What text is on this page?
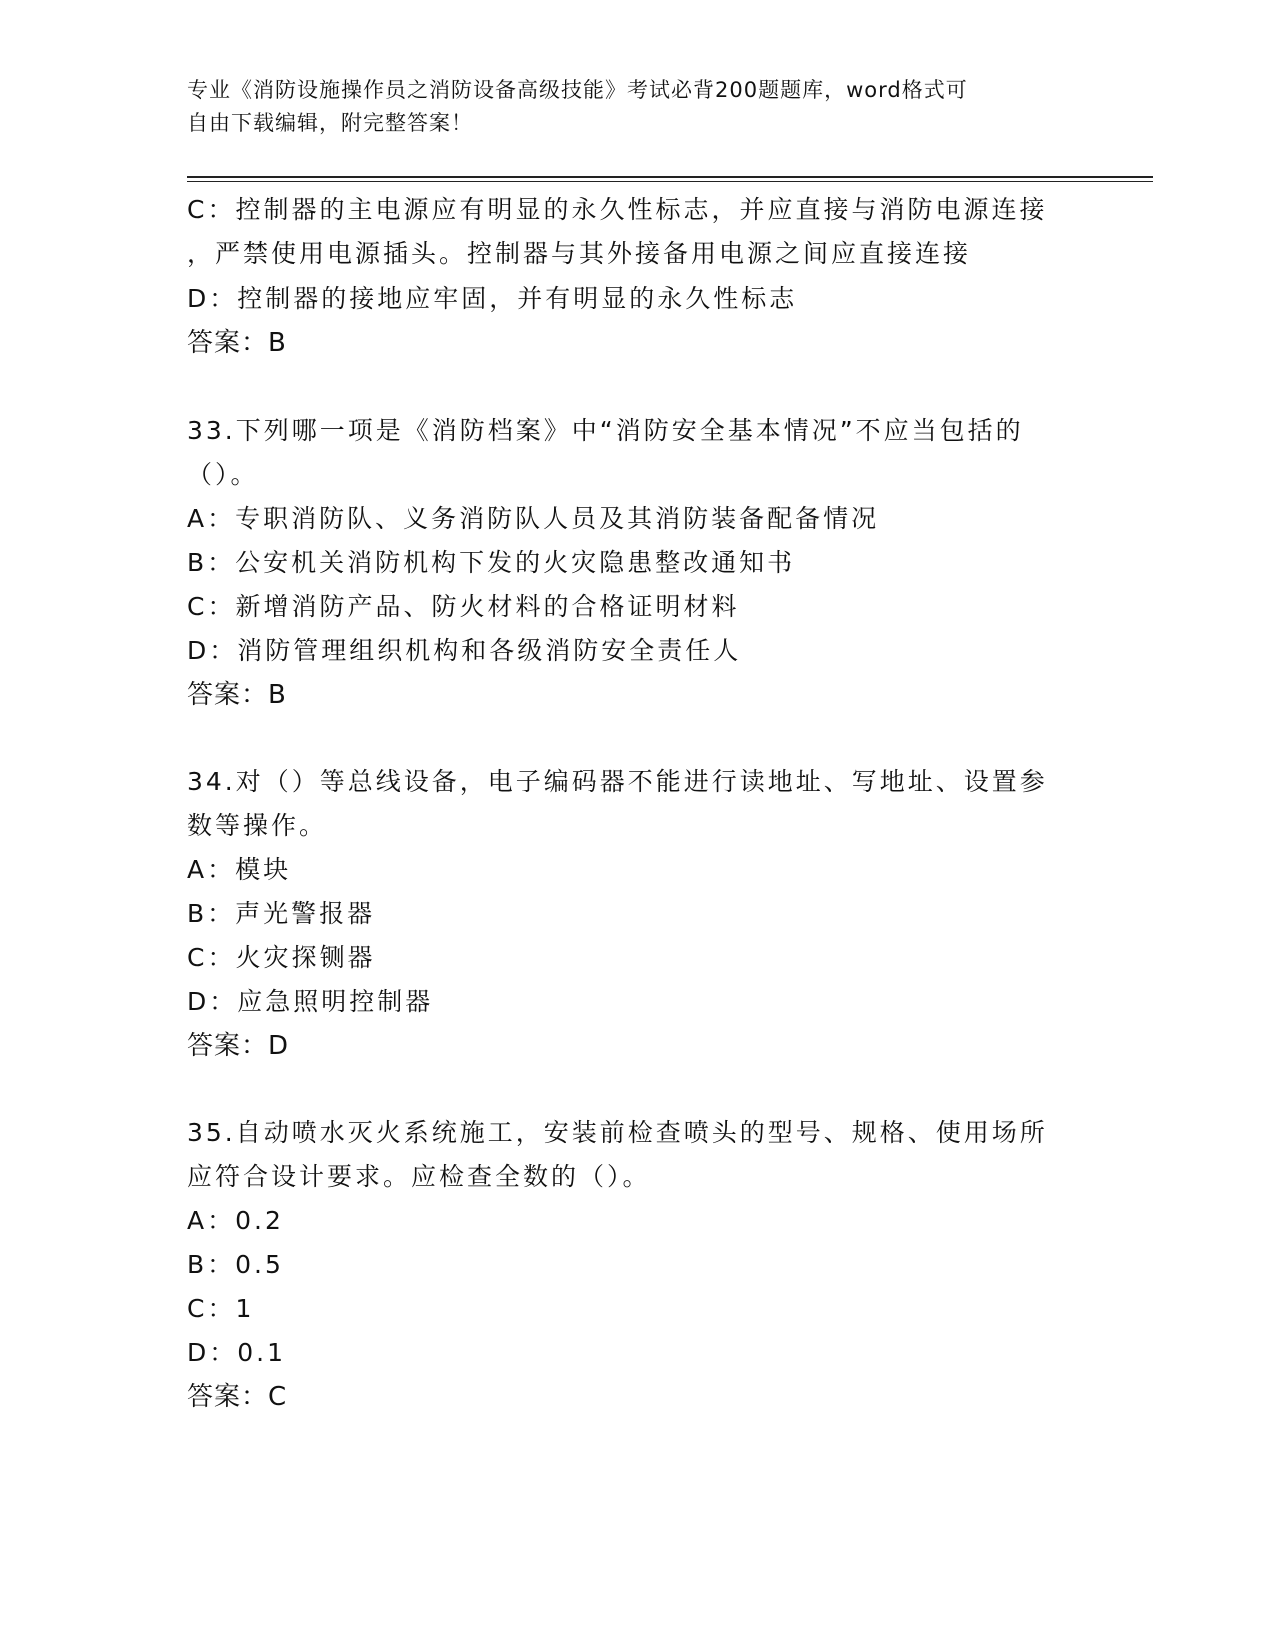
专业《消防设施操作员之消防设备高级技能》考试必背200题题库，word格式可
自由下载编辑，附完整答案！
C：控制器的主电源应有明显的永久性标志，并应直接与消防电源连接
，严禁使用电源插头。控制器与其外接备用电源之间应直接连接
D：控制器的接地应牢固，并有明显的永久性标志
答案：B
33.下列哪一项是《消防档案》中“消防安全基本情况”不应当包括的
（）。
A：专职消防队、义务消防队人员及其消防装备配备情况
B：公安机关消防机构下发的火灾隐患整改通知书
C：新增消防产品、防火材料的合格证明材料
D：消防管理组织机构和各级消防安全责任人
答案：B
34.对（）等总线设备，电子编码器不能进行读地址、写地址、设置参
数等操作。
A：模块
B：声光警报器
C：火灾探铡器
D：应急照明控制器
答案：D
35.自动喷水灭火系统施工，安装前检查喷头的型号、规格、使用场所
应符合设计要求。应检查全数的（）。
A：0.2
B：0.5
C：1
D：0.1
答案：C
